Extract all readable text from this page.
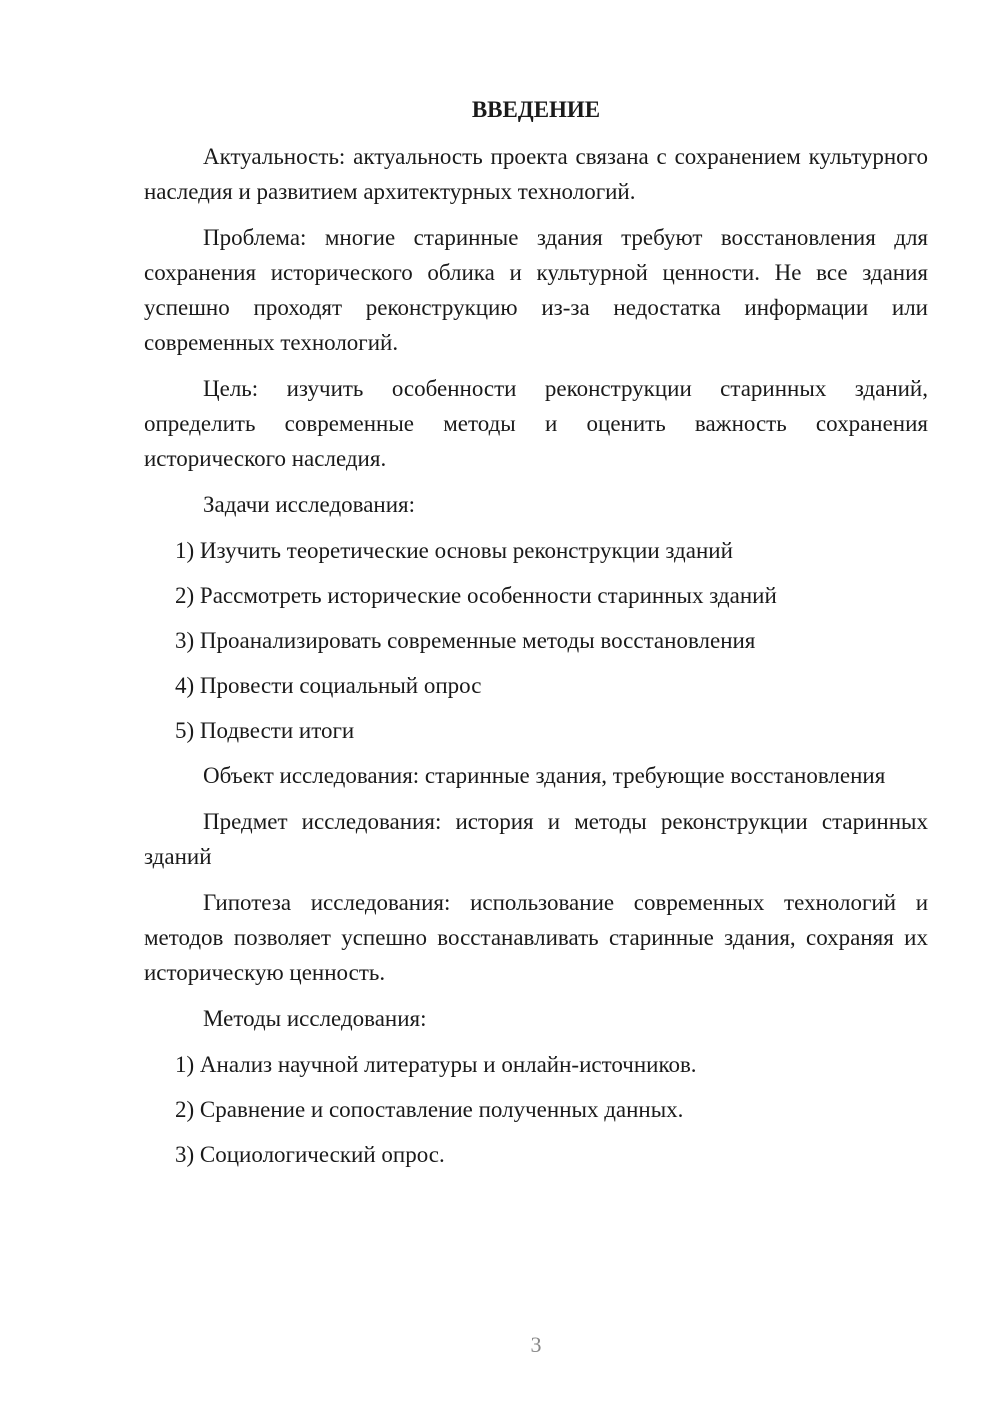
ВВЕДЕНИЕ

Актуальность: актуальность проекта связана с сохранением культурного наследия и развитием архитектурных технологий.

Проблема: многие старинные здания требуют восстановления для сохранения исторического облика и культурной ценности. Не все здания успешно проходят реконструкцию из-за недостатка информации или современных технологий.

Цель: изучить особенности реконструкции старинных зданий, определить современные методы и оценить важность сохранения исторического наследия.

Задачи исследования:

1) Изучить теоретические основы реконструкции зданий
2) Рассмотреть исторические особенности старинных зданий
3) Проанализировать современные методы восстановления
4) Провести социальный опрос
5) Подвести итоги

Объект исследования: старинные здания, требующие восстановления

Предмет исследования: история и методы реконструкции старинных зданий

Гипотеза исследования: использование современных технологий и методов позволяет успешно восстанавливать старинные здания, сохраняя их историческую ценность.

Методы исследования:

1) Анализ научной литературы и онлайн-источников.
2) Сравнение и сопоставление полученных данных.
3) Социологический опрос.
3
